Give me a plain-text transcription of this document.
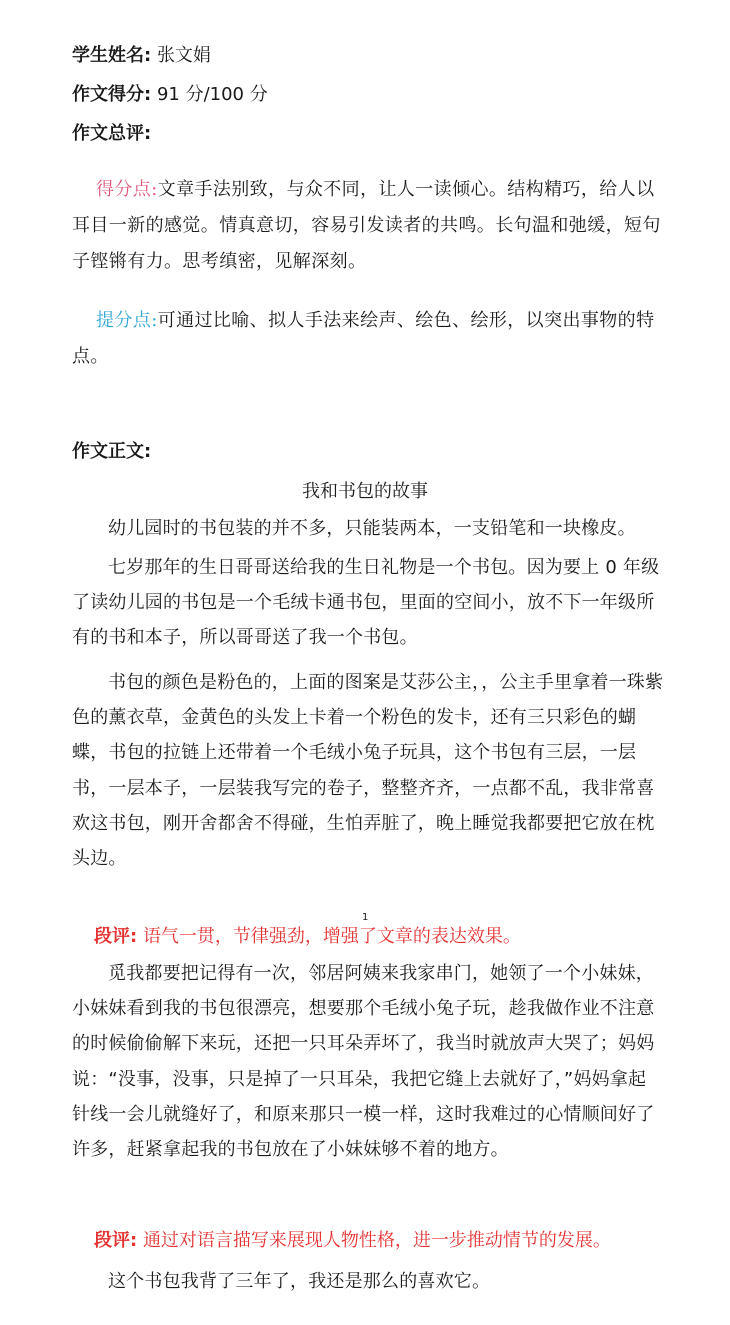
学生姓名: 张文娟
作文得分: 91 分/100 分
作文总评:
得分点:文章手法别致，与众不同，让人一读倾心。结构精巧，给人以耳目一新的感觉。情真意切，容易引发读者的共鸣。长句温和弛缓，短句子铿锵有力。思考缜密，见解深刻。
提分点:可通过比喻、拟人手法来绘声、绘色、绘形，以突出事物的特点。
作文正文:
我和书包的故事
幼儿园时的书包装的并不多，只能装两本，一支铅笔和一块橡皮。
七岁那年的生日哥哥送给我的生日礼物是一个书包。因为要上 0 年级了读幼儿园的书包是一个毛绒卡通书包，里面的空间小，放不下一年级所有的书和本子，所以哥哥送了我一个书包。
书包的颜色是粉色的，上面的图案是艾莎公主，，公主手里拿着一珠紫色的薰衣草，金黄色的头发上卡着一个粉色的发卡，还有三只彩色的蝴蝶，书包的拉链上还带着一个毛绒小兔子玩具，这个书包有三层，一层书，一层本子，一层装我写完的卷子，整整齐齐，一点都不乱，我非常喜欢这书包，刚开舍都舍不得碰，生怕弄脏了，晚上睡觉我都要把它放在枕头边。
1
段评: 语气一贯，节律强劲，增强了文章的表达效果。
觅我都要把记得有一次，邻居阿姨来我家串门，她领了一个小妹妹，小妹妹看到我的书包很漂亮，想要那个毛绒小兔子玩，趁我做作业不注意的时候偷偷解下来玩，还把一只耳朵弄坏了，我当时就放声大哭了；妈妈说：“没事，没事，只是掉了一只耳朵，我把它缝上去就好了，”妈妈拿起针线一会儿就缝好了，和原来那只一模一样，这时我难过的心情顺间好了许多，赶紧拿起我的书包放在了小妹妹够不着的地方。
段评: 通过对语言描写来展现人物性格，进一步推动情节的发展。
这个书包我背了三年了，我还是那么的喜欢它。
